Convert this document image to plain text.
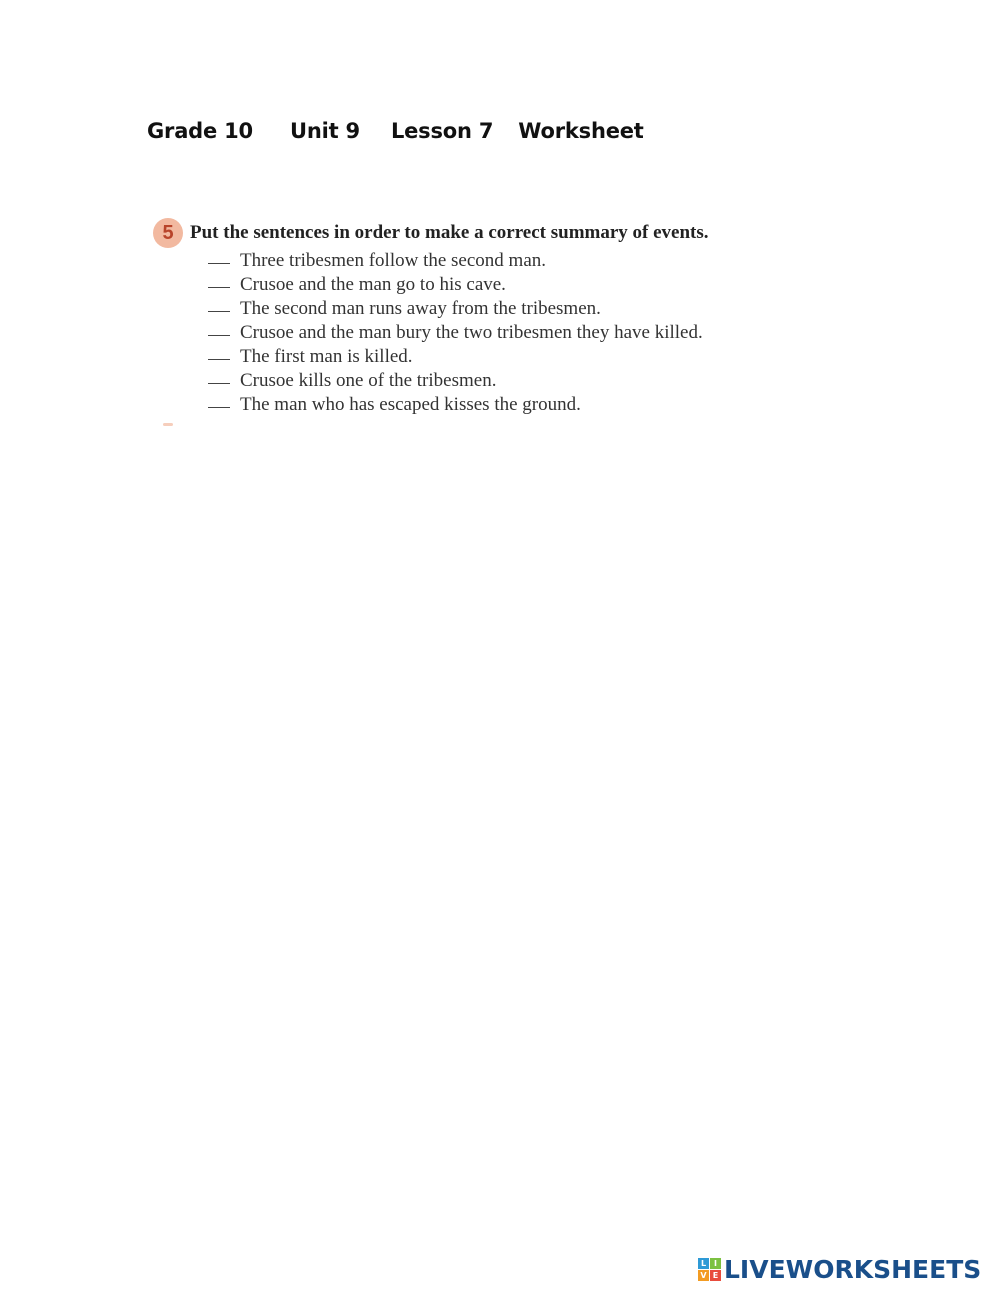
Grade 10 Unit 9 Lesson 7 Worksheet
5 Put the sentences in order to make a correct summary of events.
Three tribesmen follow the second man.
Crusoe and the man go to his cave.
The second man runs away from the tribesmen.
Crusoe and the man bury the two tribesmen they have killed.
The first man is killed.
Crusoe kills one of the tribesmen.
The man who has escaped kisses the ground.
L I
V E LIVEWORKSHEETS
